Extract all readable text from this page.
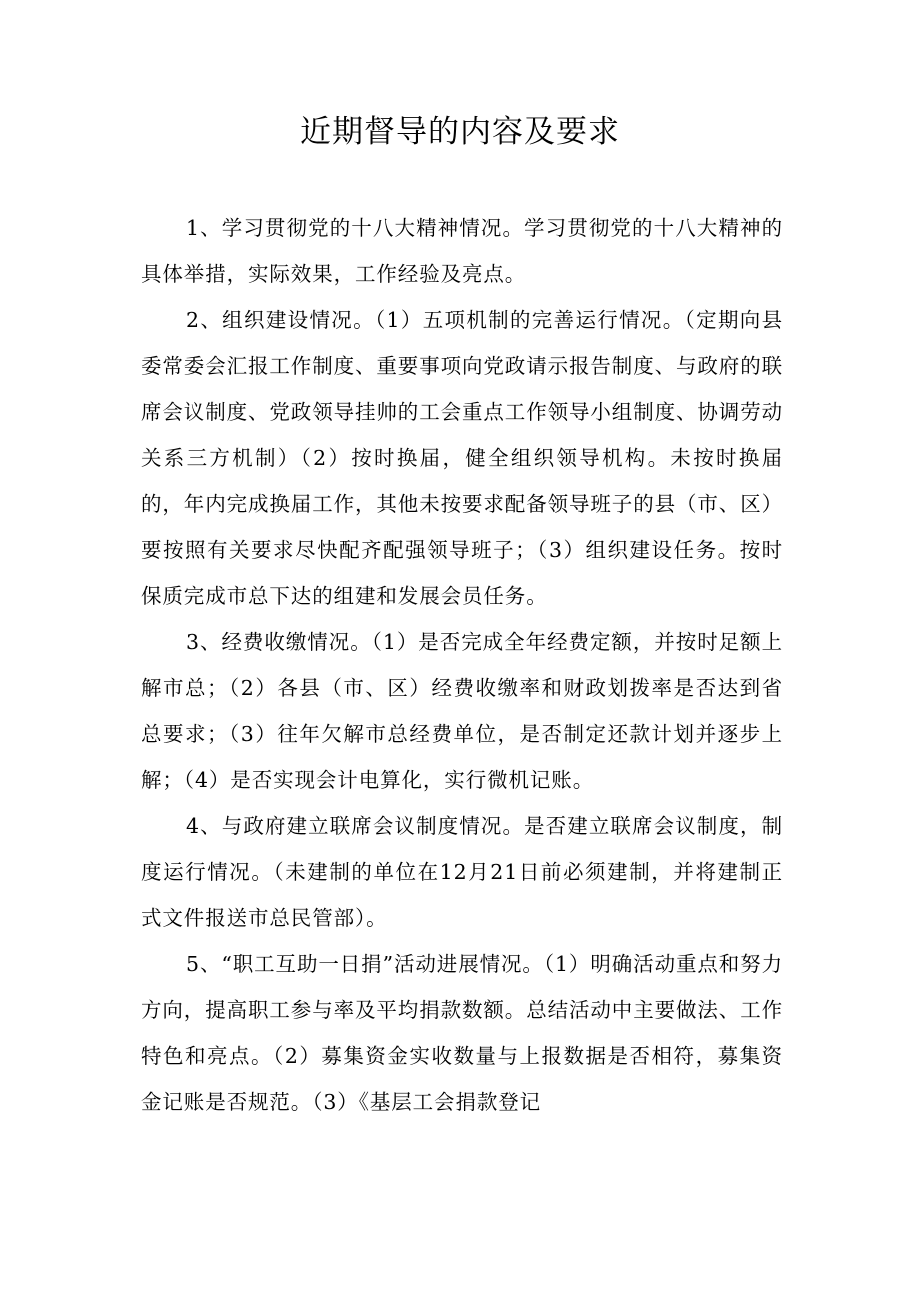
近期督导的内容及要求

1、学习贯彻党的十八大精神情况。学习贯彻党的十八大精神的具体举措，实际效果，工作经验及亮点。

2、组织建设情况。（1）五项机制的完善运行情况。（定期向县委常委会汇报工作制度、重要事项向党政请示报告制度、与政府的联席会议制度、党政领导挂帅的工会重点工作领导小组制度、协调劳动关系三方机制）（2）按时换届，健全组织领导机构。未按时换届的，年内完成换届工作，其他未按要求配备领导班子的县（市、区）要按照有关要求尽快配齐配强领导班子；（3）组织建设任务。按时保质完成市总下达的组建和发展会员任务。

3、经费收缴情况。（1）是否完成全年经费定额，并按时足额上解市总；（2）各县（市、区）经费收缴率和财政划拨率是否达到省总要求；（3）往年欠解市总经费单位，是否制定还款计划并逐步上解；（4）是否实现会计电算化，实行微机记账。

4、与政府建立联席会议制度情况。是否建立联席会议制度，制度运行情况。（未建制的单位在12月21日前必须建制，并将建制正式文件报送市总民管部）。

5、“职工互助一日捐”活动进展情况。（1）明确活动重点和努力方向，提高职工参与率及平均捐款数额。总结活动中主要做法、工作特色和亮点。（2）募集资金实收数量与上报数据是否相符，募集资金记账是否规范。（3）《基层工会捐款登记
